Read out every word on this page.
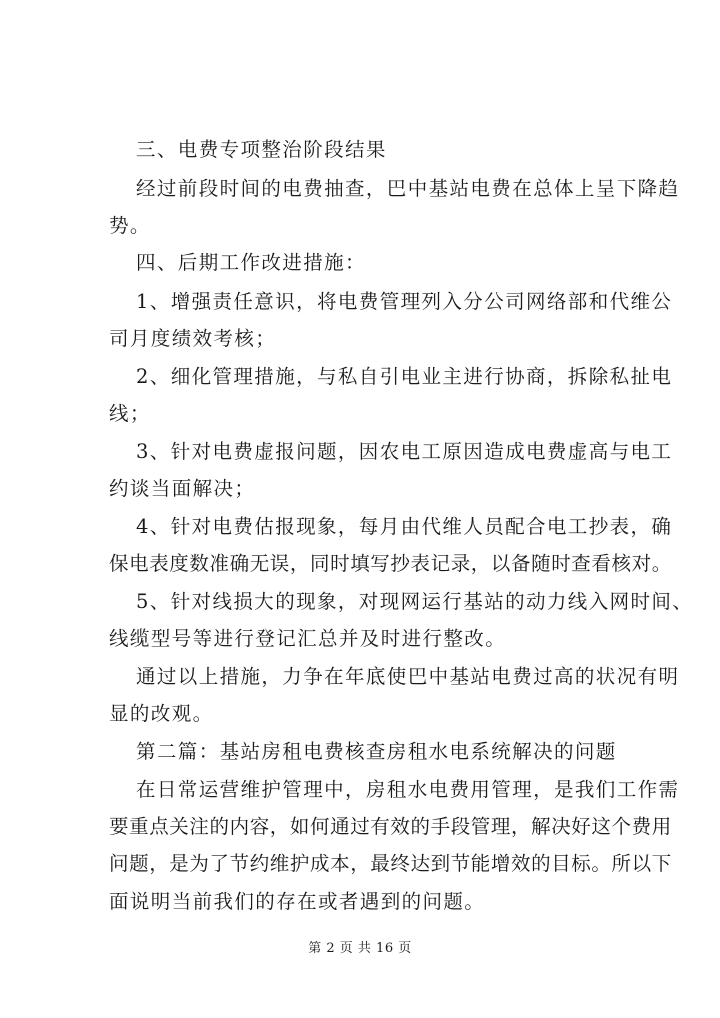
三、电费专项整治阶段结果
经过前段时间的电费抽查，巴中基站电费在总体上呈下降趋
势。
四、后期工作改进措施：
1、增强责任意识，将电费管理列入分公司网络部和代维公
司月度绩效考核；
2、细化管理措施，与私自引电业主进行协商，拆除私扯电
线；
3、针对电费虚报问题，因农电工原因造成电费虚高与电工
约谈当面解决；
4、针对电费估报现象，每月由代维人员配合电工抄表，确
保电表度数准确无误，同时填写抄表记录，以备随时查看核对。
5、针对线损大的现象，对现网运行基站的动力线入网时间、
线缆型号等进行登记汇总并及时进行整改。
通过以上措施，力争在年底使巴中基站电费过高的状况有明
显的改观。
第二篇：基站房租电费核查房租水电系统解决的问题
在日常运营维护管理中，房租水电费用管理，是我们工作需
要重点关注的内容，如何通过有效的手段管理，解决好这个费用
问题，是为了节约维护成本，最终达到节能增效的目标。所以下
面说明当前我们的存在或者遇到的问题。
第 2 页 共 16 页
